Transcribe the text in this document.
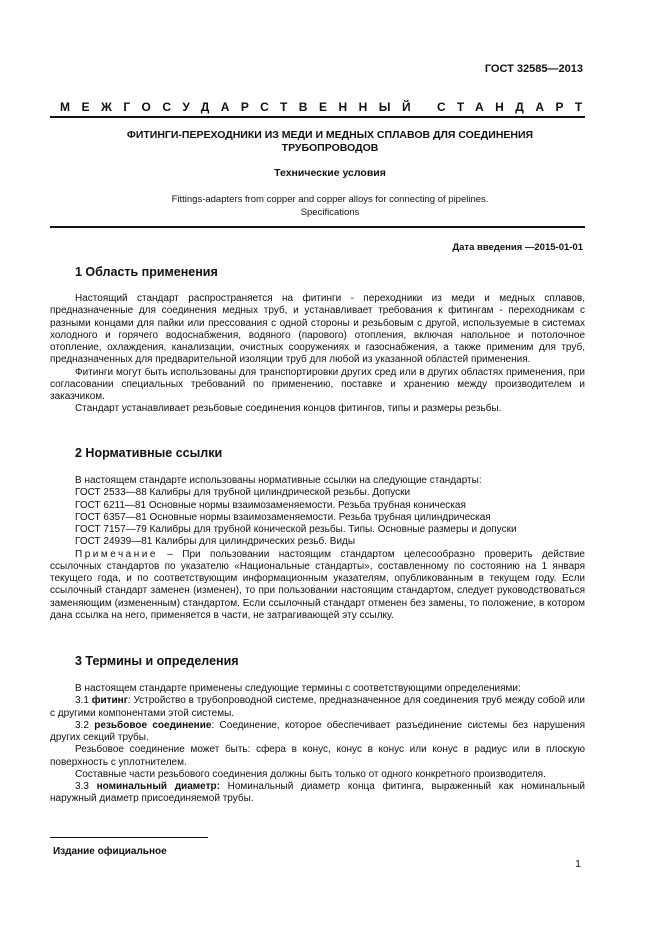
ГОСТ 32585—2013
МЕЖГОСУДАРСТВЕННЫЙ СТАНДАРТ
ФИТИНГИ-ПЕРЕХОДНИКИ ИЗ МЕДИ И МЕДНЫХ СПЛАВОВ ДЛЯ СОЕДИНЕНИЯ
ТРУБОПРОВОДОВ
Технические условия
Fittings-adapters from copper and copper alloys for connecting of pipelines.
Specifications
Дата введения —2015-01-01
1 Область применения

Настоящий стандарт распространяется на фитинги - переходники из меди и медных сплавов, предназначенные для соединения медных труб, и устанавливает требования к фитингам - переходникам с разными концами для пайки или прессования с одной стороны и резьбовым с другой, используемые в системах холодного и горячего водоснабжения, водяного (парового) отопления, включая напольное и потолочное отопление, охлаждения, канализации, очистных сооружениях и газоснабжения, а также применим для труб, предназначенных для предварительной изоляции труб для любой из указанной областей применения.

Фитинги могут быть использованы для транспортировки других сред или в других областях применения, при согласовании специальных требований по применению, поставке и хранению между производителем и заказчиком.

Стандарт устанавливает резьбовые соединения концов фитингов, типы и размеры резьбы.

2 Нормативные ссылки

В настоящем стандарте использованы нормативные ссылки на следующие стандарты:

ГОСТ 2533—88 Калибры для трубной цилиндрической резьбы. Допуски
ГОСТ 6211—81 Основные нормы взаимозаменяемости. Резьба трубная коническая
ГОСТ 6357—81 Основные нормы взаимозаменяемости. Резьба трубная цилиндрическая
ГОСТ 7157—79 Калибры для трубной конической резьбы. Типы. Основные размеры и допуски
ГОСТ 24939—81 Калибры для цилиндрических резьб. Виды

Примечание – При пользовании настоящим стандартом целесообразно проверить действие ссылочных стандартов по указателю «Национальные стандарты», составленному по состоянию на 1 января текущего года, и по соответствующим информационным указателям, опубликованным в текущем году. Если ссылочный стандарт заменен (изменен), то при пользовании настоящим стандартом, следует руководствоваться заменяющим (измененным) стандартом. Если ссылочный стандарт отменен без замены, то положение, в котором дана ссылка на него, применяется в части, не затрагивающей эту ссылку.

3 Термины и определения

В настоящем стандарте применены следующие термины с соответствующими определениями:

3.1 фитинг: Устройство в трубопроводной системе, предназначенное для соединения труб между собой или с другими компонентами этой системы.

3.2 резьбовое соединение: Соединение, которое обеспечивает разъединение системы без нарушения других секций трубы.

Резьбовое соединение может быть: сфера в конус, конус в конус или конус в радиус или в плоскую поверхность с уплотнителем.

Составные части резьбового соединения должны быть только от одного конкретного производителя.

3.3 номинальный диаметр: Номинальный диаметр конца фитинга, выраженный как номинальный наружный диаметр присоединяемой трубы.

Издание официальное
1
